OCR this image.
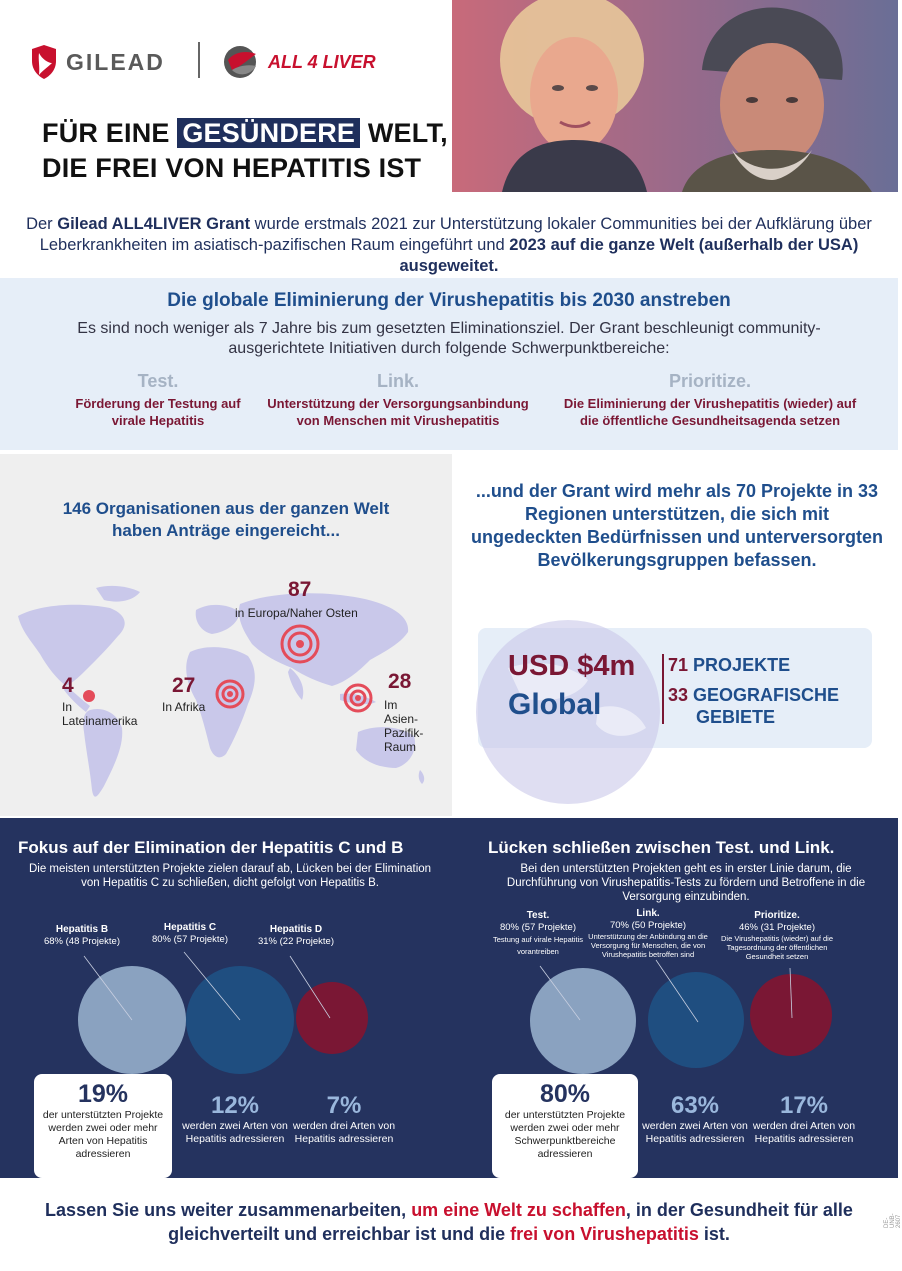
GILEAD	ALL 4 LIVER
FÜR EINE GESÜNDERE WELT,
DIE FREI VON HEPATITIS IST
Der Gilead ALL4LIVER Grant wurde erstmals 2021 zur Unterstützung lokaler Communities bei der Aufklärung über Leberkrankheiten im asiatisch-pazifischen Raum eingeführt und 2023 auf die ganze Welt (außerhalb der USA) ausgeweitet.
Die globale Eliminierung der Virushepatitis bis 2030 anstreben
Es sind noch weniger als 7 Jahre bis zum gesetzten Eliminationsziel. Der Grant beschleunigt community-ausgerichtete Initiativen durch folgende Schwerpunktbereiche:
Test.
Förderung der Testung auf
virale Hepatitis
Link.
Unterstützung der Versorgungsanbindung
von Menschen mit Virushepatitis
Prioritize.
Die Eliminierung der Virushepatitis (wieder) auf
die öffentliche Gesundheitsagenda setzen
146 Organisationen aus der ganzen Welt
haben Anträge eingereicht...
87
in Europa/Naher Osten
4
In
Lateinamerika
27
In Afrika
28
Im
Asien-
Pazifik-
Raum
...und der Grant wird mehr als 70 Projekte in 33 Regionen unterstützen, die sich mit ungedeckten Bedürfnissen und unterversorgten Bevölkerungsgruppen befassen.
USD $4m
Global
71 PROJEKTE
33 GEOGRAFISCHE
GEBIETE
Fokus auf der Elimination der Hepatitis C und B
Die meisten unterstützten Projekte zielen darauf ab, Lücken bei der Elimination von Hepatitis C zu schließen, dicht gefolgt von Hepatitis B.
Hepatitis B
68% (48 Projekte)
Hepatitis C
80% (57 Projekte)
Hepatitis D
31% (22 Projekte)
19%
der unterstützten Projekte werden zwei oder mehr Arten von Hepatitis adressieren
12%
werden zwei Arten von Hepatitis adressieren
7%
werden drei Arten von Hepatitis adressieren
Lücken schließen zwischen Test. und Link.
Bei den unterstützten Projekten geht es in erster Linie darum, die Durchführung von Virushepatitis-Tests zu fördern und Betroffene in die Versorgung einzubinden.
Test.
80% (57 Projekte)
Testung auf virale Hepatitis vorantreiben
Link.
70% (50 Projekte)

Unterstützung der Anbindung an die Versorgung für Menschen, die von Virushepatitis betroffen sind
Prioritize.
46% (31 Projekte)

Die Virushepatitis (wieder) auf die Tagesordnung der öffentlichen Gesundheit setzen
80%
der unterstützten Projekte werden zwei oder mehr Schwerpunktbereiche adressieren
63%
werden zwei Arten von Hepatitis adressieren
17%
werden drei Arten von Hepatitis adressieren
Lassen Sie uns weiter zusammenarbeiten, um eine Welt zu schaffen, in der Gesundheit für alle gleichverteilt und erreichbar ist und die frei von Virushepatitis ist.
DE-UNB-2607
